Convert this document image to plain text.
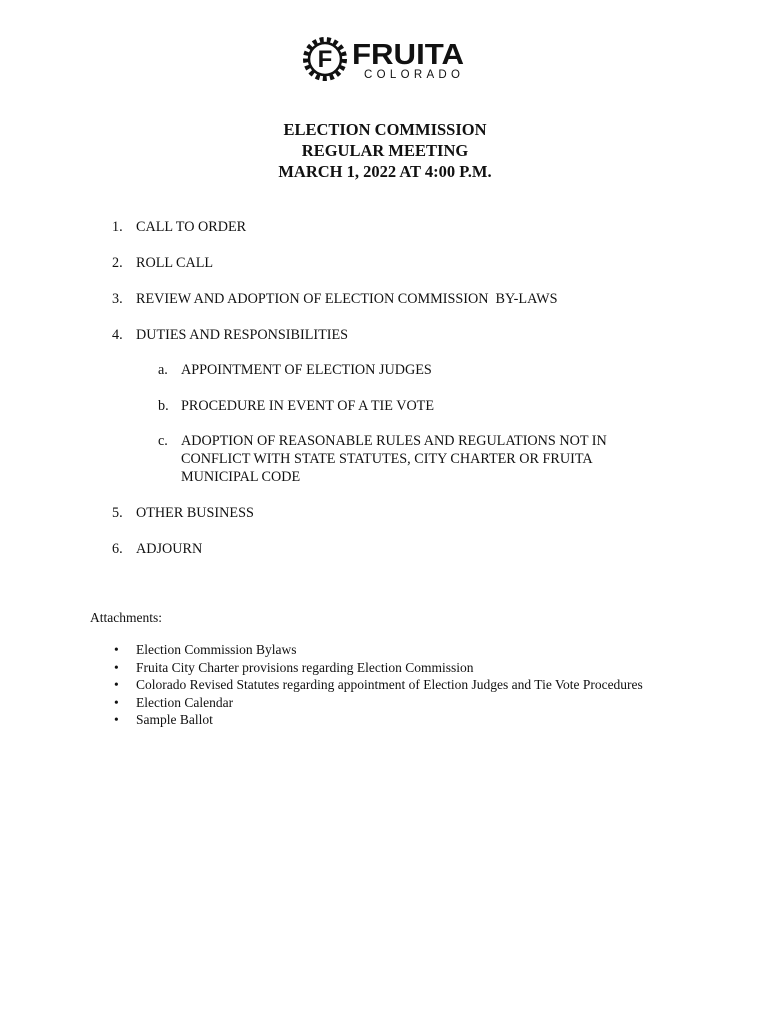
F FRUITA
COLORADO
ELECTION COMMISSION
REGULAR MEETING
MARCH 1, 2022 AT 4:00 P.M.
1. CALL TO ORDER
2. ROLL CALL
3. REVIEW AND ADOPTION OF ELECTION COMMISSION  BY-LAWS
4. DUTIES AND RESPONSIBILITIES
a. APPOINTMENT OF ELECTION JUDGES
b. PROCEDURE IN EVENT OF A TIE VOTE
c. ADOPTION OF REASONABLE RULES AND REGULATIONS NOT IN CONFLICT WITH STATE STATUTES, CITY CHARTER OR FRUITA MUNICIPAL CODE
5. OTHER BUSINESS
6. ADJOURN
Attachments:
• Election Commission Bylaws
• Fruita City Charter provisions regarding Election Commission
• Colorado Revised Statutes regarding appointment of Election Judges and Tie Vote Procedures
• Election Calendar
• Sample Ballot
